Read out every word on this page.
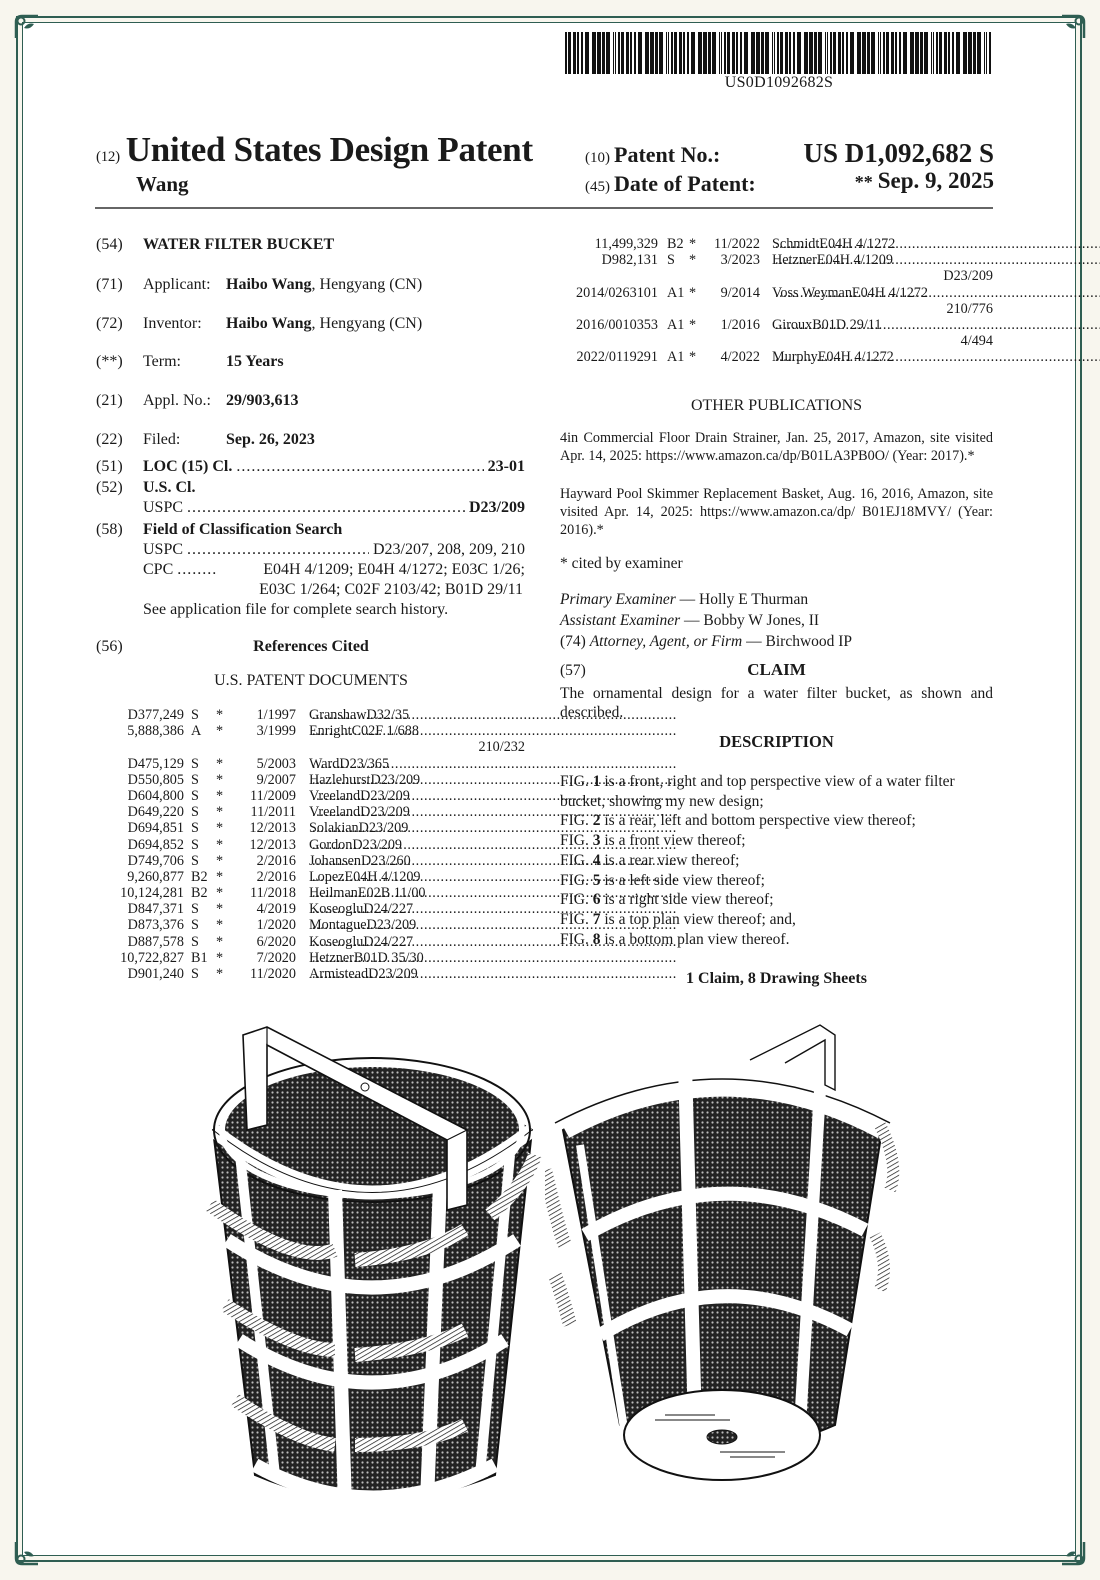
US0D1092682S
(12) United States Design Patent
Wang
(10) Patent No.:	US D1,092,682 S
(45) Date of Patent:	** Sep. 9, 2025
(54) WATER FILTER BUCKET
(71) Applicant: Haibo Wang, Hengyang (CN)
(72) Inventor: Haibo Wang, Hengyang (CN)
(**) Term:	15 Years
(21) Appl. No.: 29/903,613
(22) Filed:	Sep. 26, 2023
(51) LOC (15) Cl. .....	23-01
(52) U.S. Cl.
USPC .....	D23/209
(58) Field of Classification Search
USPC .....	D23/207, 208, 209, 210
CPC .....	E04H 4/1209; E04H 4/1272; E03C 1/26;
E03C 1/264; C02F 2103/42; B01D 29/11
See application file for complete search history.
(56)	References Cited
U.S. PATENT DOCUMENTS
D377,249 S *	1/1997 Granshaw ..... D32/35
5,888,386 A *	3/1999 Enright ..... C02F 1/688
210/232
D475,129 S *	5/2003 Ward ..... D23/365
D550,805 S *	9/2007 Hazlehurst ..... D23/209
D604,800 S *	11/2009 Vreeland ..... D23/209
D649,220 S *	11/2011 Vreeland ..... D23/209
D694,851 S *	12/2013 Solakian ..... D23/209
D694,852 S *	12/2013 Gordon ..... D23/209
D749,706 S *	2/2016 Johansen ..... D23/260
9,260,877 B2 *	2/2016 Lopez ..... E04H 4/1209
10,124,281 B2 *	11/2018 Heilman ..... E02B 11/00
D847,371 S *	4/2019 Koseoglu ..... D24/227
D873,376 S *	1/2020 Montague ..... D23/209
D887,578 S *	6/2020 Koseoglu ..... D24/227
10,722,827 B1 *	7/2020 Hetzner ..... B01D 35/30
D901,240 S *	11/2020 Armistead ..... D23/209
11,499,329 B2 *	11/2022 Schmidt ..... E04H 4/1272
D982,131 S *	3/2023 Hetzner ..... E04H 4/1209
D23/209
2014/0263101 A1 *	9/2014 Voss Weyman ..... E04H 4/1272
210/776
2016/0010353 A1 *	1/2016 Giroux ..... B01D 29/11
4/494
2022/0119291 A1 *	4/2022 Murphy ..... E04H 4/1272
OTHER PUBLICATIONS
4in Commercial Floor Drain Strainer, Jan. 25, 2017, Amazon, site visited Apr. 14, 2025: https://www.amazon.ca/dp/B01LA3PB0O/ (Year: 2017).*
Hayward Pool Skimmer Replacement Basket, Aug. 16, 2016, Amazon, site visited Apr. 14, 2025: https://www.amazon.ca/dp/ B01EJ18MVY/ (Year: 2016).*
* cited by examiner
Primary Examiner — Holly E Thurman
Assistant Examiner — Bobby W Jones, II
(74) Attorney, Agent, or Firm — Birchwood IP
(57)	CLAIM
The ornamental design for a water filter bucket, as shown and described.
DESCRIPTION
FIG. 1 is a front, right and top perspective view of a water filter bucket, showing my new design;
FIG. 2 is a rear, left and bottom perspective view thereof;
FIG. 3 is a front view thereof;
FIG. 4 is a rear view thereof;
FIG. 5 is a left side view thereof;
FIG. 6 is a right side view thereof;
FIG. 7 is a top plan view thereof; and,
FIG. 8 is a bottom plan view thereof.
1 Claim, 8 Drawing Sheets
